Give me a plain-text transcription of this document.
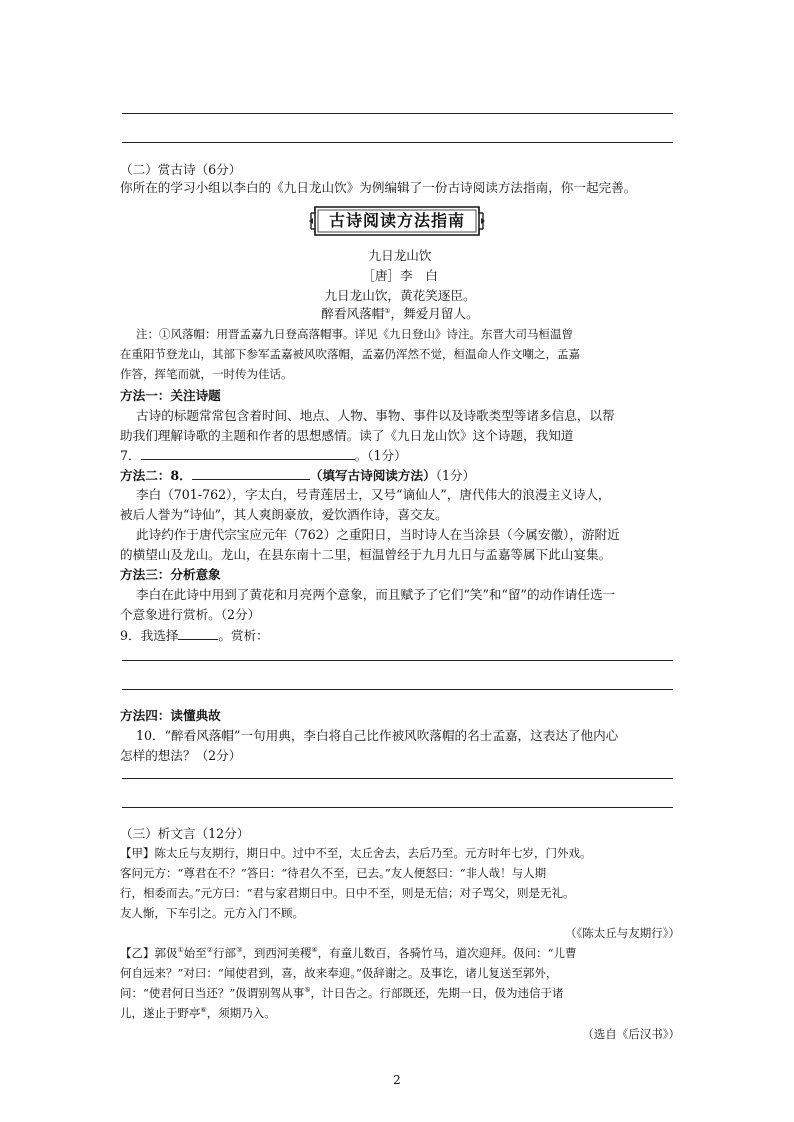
（二）赏古诗（6分）
你所在的学习小组以李白的《九日龙山饮》为例编辑了一份古诗阅读方法指南，你一起完善。
古诗阅读方法指南
九日龙山饮
［唐］李　白
九日龙山饮，黄花笑逐臣。
醉看风落帽①，舞爱月留人。
注：①风落帽：用晋孟嘉九日登高落帽事。详见《九日登山》诗注。东晋大司马桓温曾
在重阳节登龙山，其部下参军孟嘉被风吹落帽，孟嘉仍浑然不觉，桓温命人作文嘲之，孟嘉
作答，挥笔而就，一时传为佳话。
方法一：关注诗题
古诗的标题常常包含着时间、地点、人物、事物、事件以及诗歌类型等诸多信息，以帮
助我们理解诗歌的主题和作者的思想感情。读了《九日龙山饮》这个诗题，我知道
7．	。（1分）
方法二：8．	（填写古诗阅读方法）（1分）
李白（701-762），字太白，号青莲居士，又号“谪仙人”，唐代伟大的浪漫主义诗人，
被后人誉为“诗仙”，其人爽朗豪放，爱饮酒作诗，喜交友。
此诗约作于唐代宗宝应元年（762）之重阳日，当时诗人在当涂县（今属安徽），游附近
的横望山及龙山。龙山，在县东南十二里，桓温曾经于九月九日与孟嘉等属下此山宴集。
方法三：分析意象
李白在此诗中用到了黄花和月亮两个意象，而且赋予了它们“笑”和“留”的动作请任选一
个意象进行赏析。（2分）
9．我选择	。赏析：
方法四：读懂典故
10．“醉看风落帽”一句用典，李白将自己比作被风吹落帽的名士孟嘉，这表达了他内心
怎样的想法？（2分）
（三）析文言（12分）
【甲】陈太丘与友期行，期日中。过中不至，太丘舍去，去后乃至。元方时年七岁，门外戏。
客问元方：“尊君在不？”答曰：“待君久不至，已去。”友人便怒曰：“非人哉！与人期
行，相委而去。”元方曰：“君与家君期日中。日中不至，则是无信；对子骂父，则是无礼。
友人惭，下车引之。元方入门不顾。
（《陈太丘与友期行》）
【乙】郭伋①始至②行部③，到西河美稷④，有童儿数百，各骑竹马，道次迎拜。伋问：“儿曹
何自远来？”对曰：“闻使君到，喜，故来奉迎。”伋辞谢之。及事讫，诸儿复送至郭外，
问：“使君何日当还？”伋谓别驾从事⑤，计日告之。行部既还，先期一日，伋为违信于诸
儿，遂止于野亭⑥，须期乃入。
（选自《后汉书》）
2
